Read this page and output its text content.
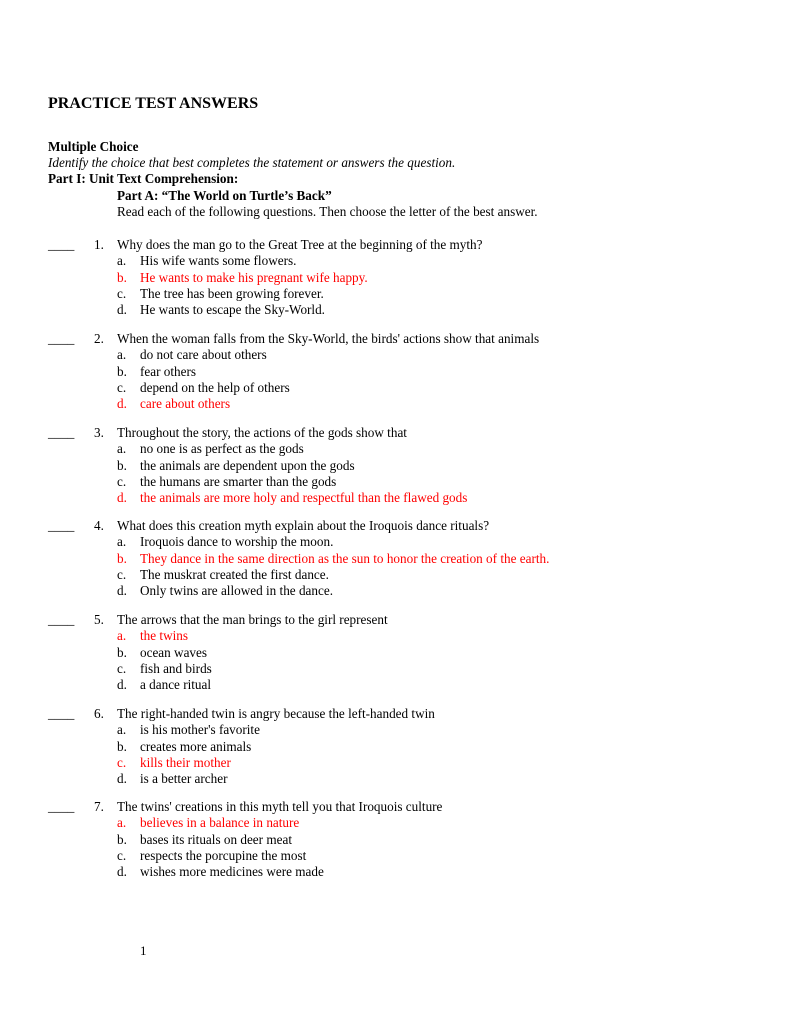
PRACTICE TEST ANSWERS
Multiple Choice
Identify the choice that best completes the statement or answers the question.
Part I: Unit Text Comprehension:
Part A: “The World on Turtle’s Back”
Read each of the following questions. Then choose the letter of the best answer.
____ 1. Why does the man go to the Great Tree at the beginning of the myth?
a. His wife wants some flowers.
b. He wants to make his pregnant wife happy.
c. The tree has been growing forever.
d. He wants to escape the Sky-World.
____ 2. When the woman falls from the Sky-World, the birds' actions show that animals
a. do not care about others
b. fear others
c. depend on the help of others
d. care about others
____ 3. Throughout the story, the actions of the gods show that
a. no one is as perfect as the gods
b. the animals are dependent upon the gods
c. the humans are smarter than the gods
d. the animals are more holy and respectful than the flawed gods
____ 4. What does this creation myth explain about the Iroquois dance rituals?
a. Iroquois dance to worship the moon.
b. They dance in the same direction as the sun to honor the creation of the earth.
c. The muskrat created the first dance.
d. Only twins are allowed in the dance.
____ 5. The arrows that the man brings to the girl represent
a. the twins
b. ocean waves
c. fish and birds
d. a dance ritual
____ 6. The right-handed twin is angry because the left-handed twin
a. is his mother's favorite
b. creates more animals
c. kills their mother
d. is a better archer
____ 7. The twins' creations in this myth tell you that Iroquois culture
a. believes in a balance in nature
b. bases its rituals on deer meat
c. respects the porcupine the most
d. wishes more medicines were made
1
